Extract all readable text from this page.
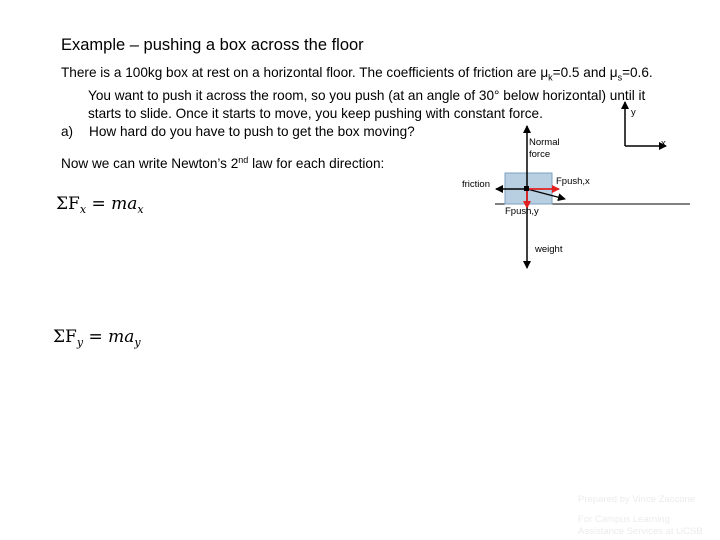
Example – pushing a box across the floor
There is a 100kg box at rest on a horizontal floor. The coefficients of friction are $\mu_k=0.5$ and $\mu_s=0.6$.
You want to push it across the room, so you push (at an angle of 30° below horizontal) until it
starts to slide. Once it starts to move, you keep pushing with constant force.
a) How hard do you have to push to get the box moving?
Now we can write Newton’s 2nd law for each direction:
$\Sigma F_x = ma_x$
$\Sigma F_y = ma_y$
y
x
Normal
force
weight
friction	Fpush,x
Fpush,y
Prepared by Vince Zaccone
For Campus Learning
Assistance Services at UCSB
